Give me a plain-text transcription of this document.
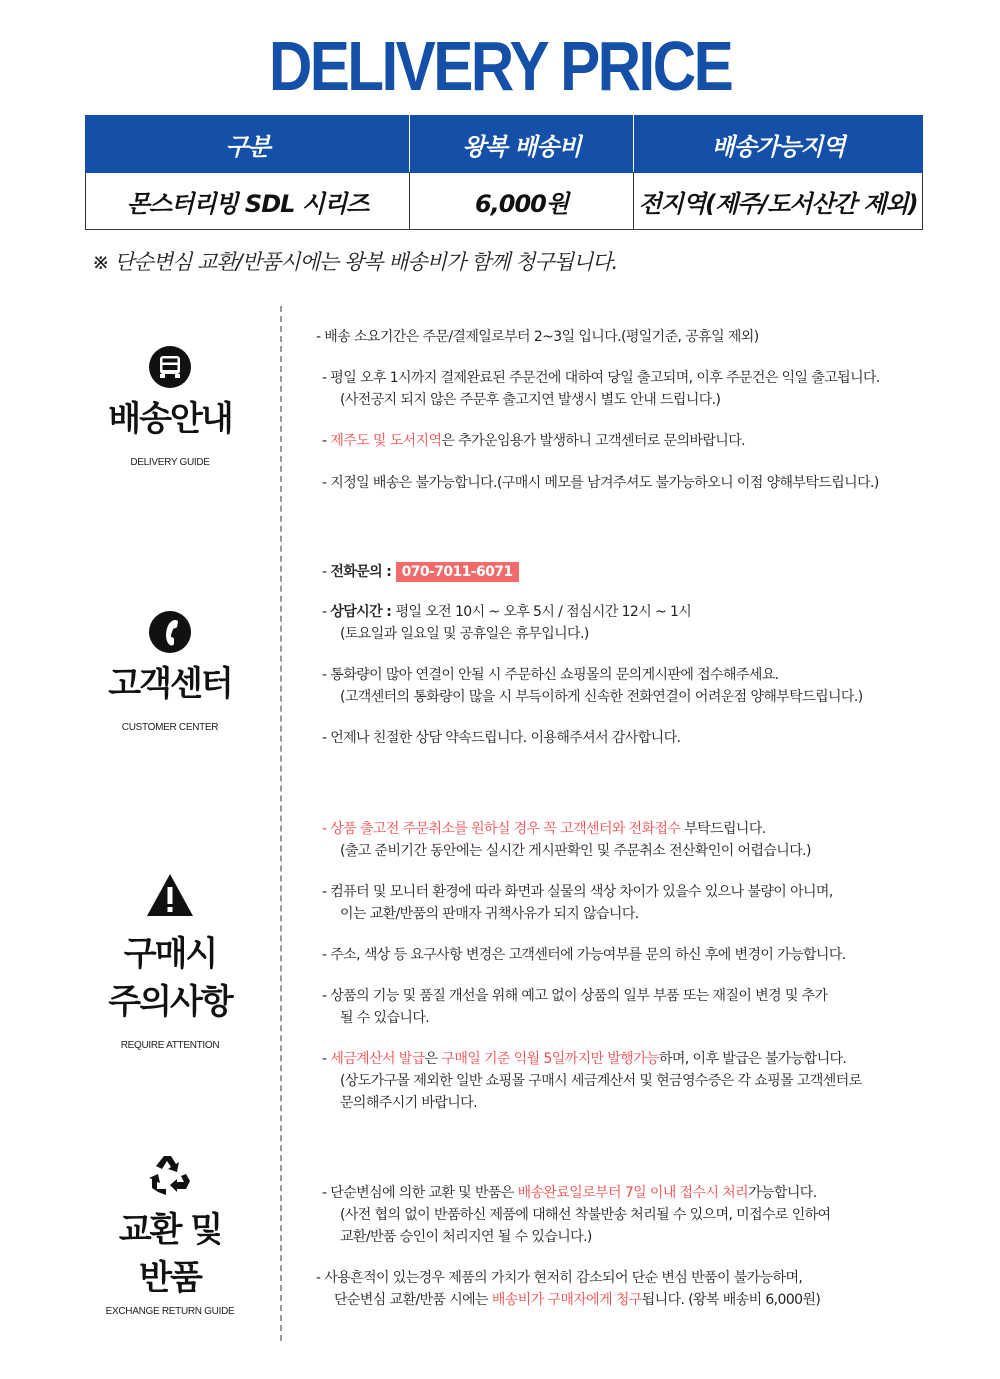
DELIVERY PRICE
구분	왕복 배송비	배송가능지역
몬스터리빙 SDL 시리즈	6,000원	전지역(제주/도서산간 제외)

※ 단순변심 교환/반품시에는 왕복 배송비가 함께 청구됩니다.

배송안내

DELIVERY GUIDE

- 배송 소요기간은 주문/결제일로부터 2~3일 입니다.(평일기준, 공휴일 제외)

- 평일 오후 1시까지 결제완료된 주문건에 대하여 당일 출고되며, 이후 주문건은 익일 출고됩니다.
(사전공지 되지 않은 주문후 출고지연 발생시 별도 안내 드립니다.)

- 제주도 및 도서지역은 추가운임용가 발생하니 고객센터로 문의바랍니다.

- 지정일 배송은 불가능합니다.(구매시 메모를 남겨주셔도 불가능하오니 이점 양해부탁드립니다.)

고객센터

CUSTOMER CENTER

- 전화문의 : 070-7011-6071

- 상담시간 : 평일 오전 10시 ~ 오후 5시 / 점심시간 12시 ~ 1시
(토요일과 일요일 및 공휴일은 휴무입니다.)

- 통화량이 많아 연결이 안될 시 주문하신 쇼핑몰의 문의게시판에 접수해주세요.
(고객센터의 통화량이 많을 시 부득이하게 신속한 전화연결이 어려운점 양해부탁드립니다.)

- 언제나 친절한 상담 약속드립니다. 이용해주셔서 감사합니다.

구매시
주의사항

REQUIRE ATTENTION

- 상품 출고전 주문취소를 원하실 경우 꼭 고객센터와 전화접수 부탁드립니다.
(출고 준비기간 동안에는 실시간 게시판확인 및 주문취소 전산확인이 어렵습니다.)

- 컴퓨터 및 모니터 환경에 따라 화면과 실물의 색상 차이가 있을수 있으나 불량이 아니며,
이는 교환/반품의 판매자 귀책사유가 되지 않습니다.

- 주소, 색상 등 요구사항 변경은 고객센터에 가능여부를 문의 하신 후에 변경이 가능합니다.

- 상품의 기능 및 품질 개선을 위해 예고 없이 상품의 일부 부품 또는 재질이 변경 및 추가
될 수 있습니다.

- 세금계산서 발급은 구매일 기준 익월 5일까지만 발행가능하며, 이후 발급은 불가능합니다.
(상도가구몰 제외한 일반 쇼핑몰 구매시 세금계산서 및 현금영수증은 각 쇼핑몰 고객센터로
문의해주시기 바랍니다.

교환 및
반품

EXCHANGE RETURN GUIDE

- 단순변심에 의한 교환 및 반품은 배송완료일로부터 7일 이내 접수시 처리가능합니다.
(사전 협의 없이 반품하신 제품에 대해선 착불반송 처리될 수 있으며, 미접수로 인하여
교환/반품 승인이 처리지연 될 수 있습니다.)

- 사용흔적이 있는경우 제품의 가치가 현저히 감소되어 단순 변심 반품이 불가능하며,
단순변심 교환/반품 시에는 배송비가 구매자에게 청구됩니다. (왕복 배송비 6,000원)
